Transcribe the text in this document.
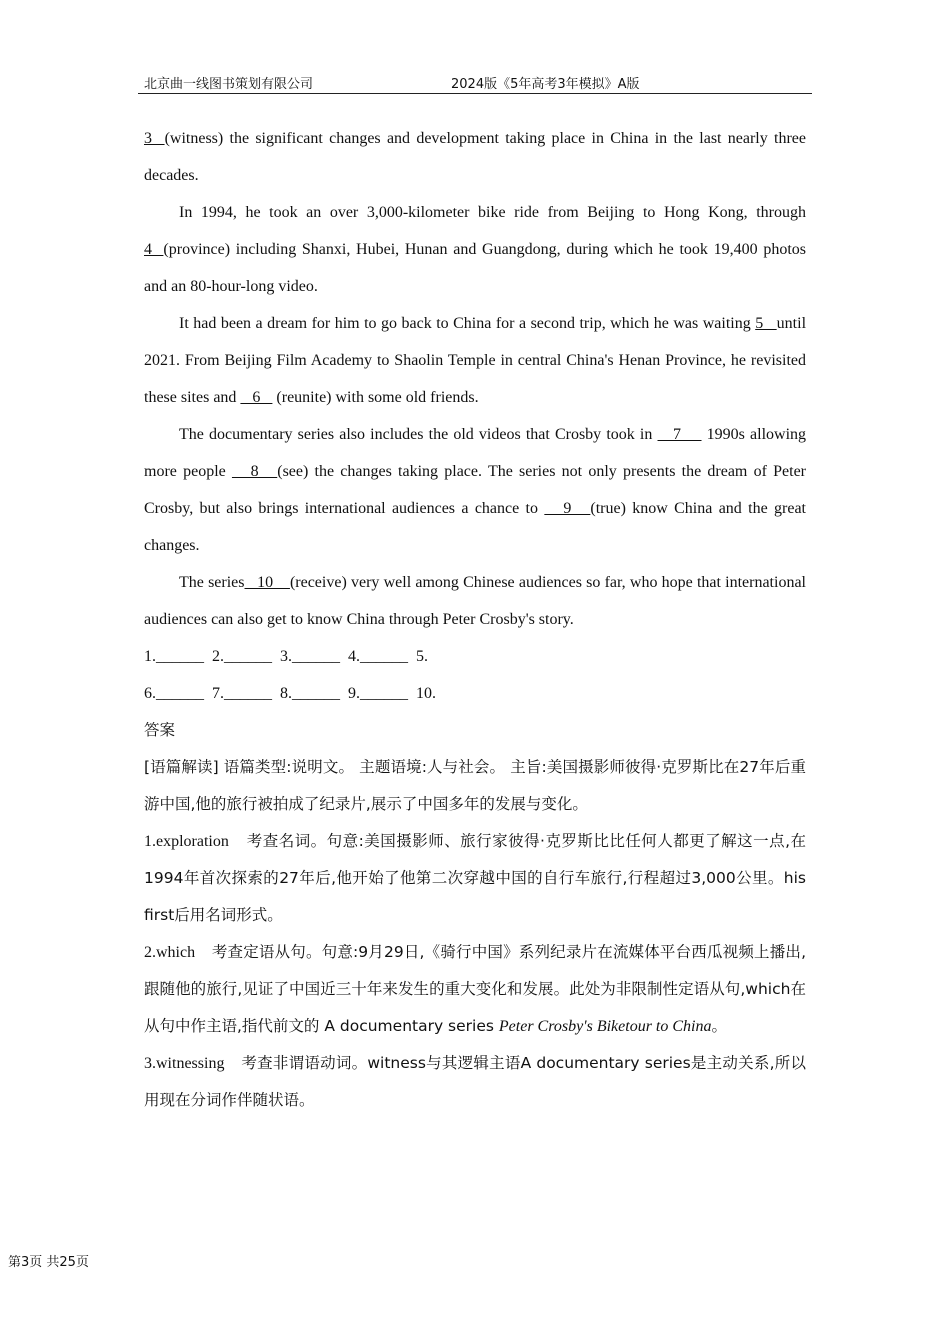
北京曲一线图书策划有限公司	2024版《5年高考3年模拟》A版

3  (witness) the significant changes and development taking place in China in the last nearly three decades.

In 1994, he took an over 3,000-kilometer bike ride from Beijing to Hong Kong, through 4  (province) including Shanxi, Hubei, Hunan and Guangdong, during which he took 19,400 photos and an 80-hour-long video.

It had been a dream for him to go back to China for a second trip, which he was waiting 5   until 2021. From Beijing Film Academy to Shaolin Temple in central China's Henan Province, he revisited these sites and    6    (reunite) with some old friends.

The documentary series also includes the old videos that Crosby took in    7     1990s allowing more people    8   (see) the changes taking place. The series not only presents the dream of Peter Crosby, but also brings international audiences a chance to    9   (true) know China and the great changes.

The series   10    (receive) very well among Chinese audiences so far, who hope that international audiences can also get to know China through Peter Crosby's story.

1.______  2.______  3.______  4.______  5.

6.______  7.______  8.______  9.______  10.

答案

[语篇解读] 语篇类型:说明文。 主题语境:人与社会。 主旨:美国摄影师彼得·克罗斯比在27年后重游中国,他的旅行被拍成了纪录片,展示了中国多年的发展与变化。

1.exploration 考查名词。句意:美国摄影师、旅行家彼得·克罗斯比比任何人都更了解这一点,在1994年首次探索的27年后,他开始了他第二次穿越中国的自行车旅行,行程超过3,000公里。his first后用名词形式。

2.which 考查定语从句。句意:9月29日,《骑行中国》系列纪录片在流媒体平台西瓜视频上播出,跟随他的旅行,见证了中国近三十年来发生的重大变化和发展。此处为非限制性定语从句,which在从句中作主语,指代前文的 A documentary series Peter Crosby's Biketour to China。

3.witnessing 考查非谓语动词。witness与其逻辑主语A documentary series是主动关系,所以用现在分词作伴随状语。

第3页 共25页
